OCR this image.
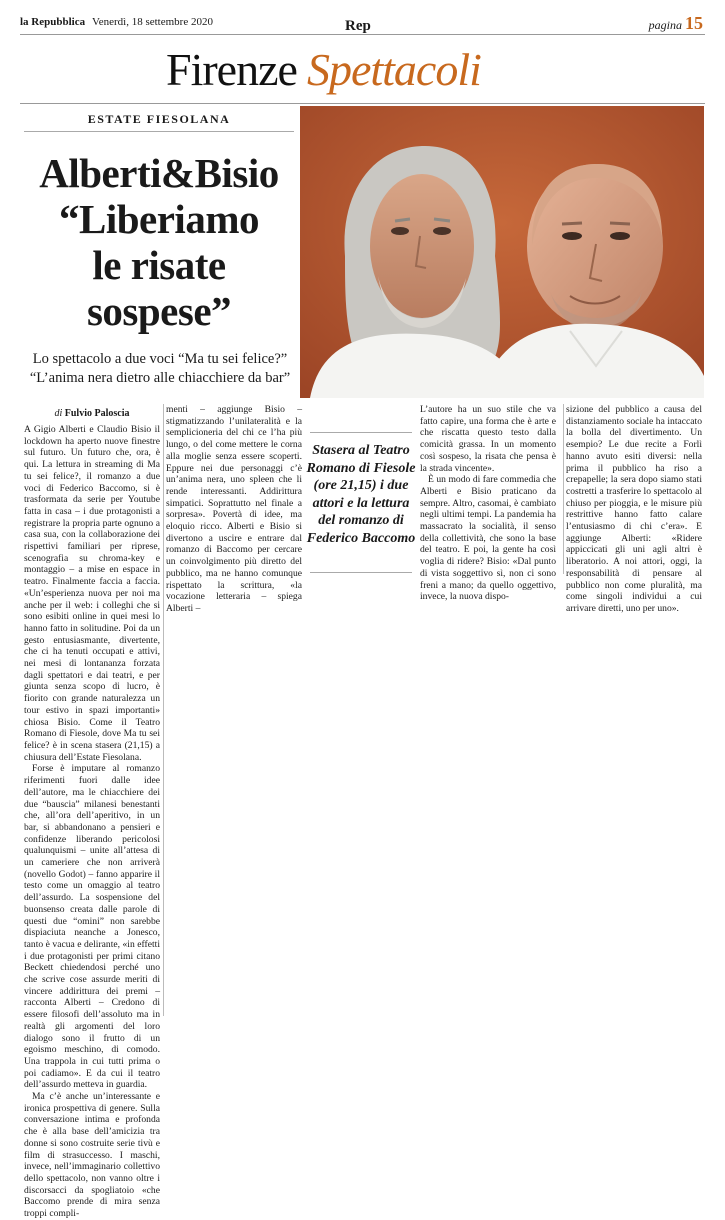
la Repubblica Venerdì, 18 settembre 2020	Rep	pagina 15
Firenze Spettacoli
ESTATE FIESOLANA
Alberti&Bisio
“Liberiamo
le risate
sospese”
Lo spettacolo a due voci “Ma tu sei felice?”
“L’anima nera dietro alle chiacchiere da bar”
di Fulvio Paloscia

A Gigio Alberti e Claudio Bisio il lockdown ha aperto nuove finestre sul futuro. Un futuro che, ora, è qui. La lettura in streaming di Ma tu sei felice?, il romanzo a due voci di Federico Baccomo, si è trasformata da serie per Youtube fatta in casa – i due protagonisti a registrare la propria parte ognuno a casa sua, con la collaborazione dei rispettivi familiari per riprese, scenografia su chroma-key e montaggio – a mise en espace in teatro. Finalmente faccia a faccia. «Un’esperienza nuova per noi ma anche per il web: i colleghi che si sono esibiti online in quei mesi lo hanno fatto in solitudine. Poi da un gesto entusiasmante, divertente, che ci ha tenuti occupati e attivi, nei mesi di lontananza forzata dagli spettatori e dai teatri, e per giunta senza scopo di lucro, è fiorito con grande naturalezza un tour estivo in spazi importanti» chiosa Bisio. Come il Teatro Romano di Fiesole, dove Ma tu sei felice? è in scena stasera (21,15) a chiusura dell’Estate Fiesolana.

Forse è imputare al romanzo riferimenti fuori dalle idee dell’autore, ma le chiacchiere dei due “bauscia” milanesi benestanti che, all’ora dell’aperitivo, in un bar, si abbandonano a pensieri e confidenze liberando pericolosi qualunquismi – unite all’attesa di un cameriere che non arriverà (novello Godot) – fanno apparire il testo come un omaggio al teatro dell’assurdo. La sospensione del buonsenso creata dalle parole di questi due “omini” non sarebbe dispiaciuta neanche a Jonesco, tanto è vacua e delirante, «in effetti i due protagonisti per primi citano Beckett chiedendosi perché uno che scrive cose assurde meriti di vincere addirittura dei premi – racconta Alberti – Credono di essere filosofi dell’assoluto ma in realtà gli argomenti del loro dialogo sono il frutto di un egoismo meschino, di comodo. Una trappola in cui tutti prima o poi cadiamo». E da cui il teatro dell’assurdo metteva in guardia.

Ma c’è anche un’interessante e ironica prospettiva di genere. Sulla conversazione intima e profonda che è alla base dell’amicizia tra donne si sono costruite serie tivù e film di strasuccesso. I maschi, invece, nell’immaginario collettivo dello spettacolo, non vanno oltre i discorsacci da spogliatoio «che Baccomo prende di mira senza troppi compli-

menti – aggiunge Bisio – stigmatizzando l’unilateralità e la semplicioneria del chi ce l’ha più lungo, o del come mettere le corna alla moglie senza essere scoperti. Eppure nei due personaggi c’è un’anima nera, uno spleen che li rende interessanti. Addirittura simpatici. Soprattutto nel finale a sorpresa». Povertà di idee, ma eloquio ricco. Alberti e Bisio si divertono a uscire e entrare dal romanzo di Baccomo per cercare un coinvolgimento più diretto del pubblico, ma ne hanno comunque rispettato la scrittura, «la vocazione letteraria – spiega Alberti –

Stasera al Teatro Romano di Fiesole (ore 21,15) i due attori e la lettura del romanzo di Federico Baccomo

L’autore ha un suo stile che va fatto capire, una forma che è arte e che riscatta questo testo dalla comicità grassa. In un momento così sospeso, la risata che pensa è la strada vincente».

È un modo di fare commedia che Alberti e Bisio praticano da sempre. Altro, casomai, è cambiato negli ultimi tempi. La pandemia ha massacrato la socialità, il senso della collettività, che sono la base del teatro. E poi, la gente ha così voglia di ridere? Bisio: «Dal punto di vista soggettivo sì, non ci sono freni a mano; da quello oggettivo, invece, la nuova dispo-

sizione del pubblico a causa del distanziamento sociale ha intaccato la bolla del divertimento. Un esempio? Le due recite a Forlì hanno avuto esiti diversi: nella prima il pubblico ha riso a crepapelle; la sera dopo siamo stati costretti a trasferire lo spettacolo al chiuso per pioggia, e le misure più restrittive hanno fatto calare l’entusiasmo di chi c’era». E aggiunge Alberti: «Ridere appiccicati gli uni agli altri è liberatorio. A noi attori, oggi, la responsabilità di pensare al pubblico non come pluralità, ma come singoli individui a cui arrivare diretti, uno per uno».
